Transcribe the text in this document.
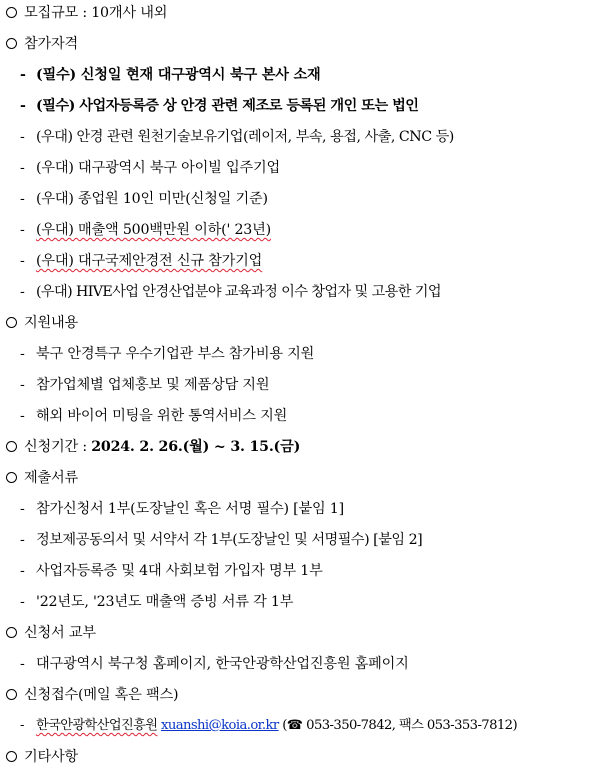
모집규모 : 10개사 내외
참가자격
- (필수) 신청일 현재 대구광역시 북구 본사 소재
- (필수) 사업자등록증 상 안경 관련 제조로 등록된 개인 또는 법인
- (우대) 안경 관련 원천기술보유기업(레이저, 부속, 용접, 사출, CNC 등)
- (우대) 대구광역시 북구 아이빌 입주기업
- (우대) 종업원 10인 미만(신청일 기준)
- (우대) 매출액 500백만원 이하(' 23년)
- (우대) 대구국제안경전 신규 참가기업
- (우대) HIVE사업 안경산업분야 교육과정 이수 창업자 및 고용한 기업
지원내용
- 북구 안경특구 우수기업관 부스 참가비용 지원
- 참가업체별 업체홍보 및 제품상담 지원
- 해외 바이어 미팅을 위한 통역서비스 지원
신청기간 : 2024. 2. 26.(월) ~ 3. 15.(금)
제출서류
- 참가신청서 1부(도장날인 혹은 서명 필수) [붙임 1]
- 정보제공동의서 및 서약서 각 1부(도장날인 및 서명필수) [붙임 2]
- 사업자등록증 및 4대 사회보험 가입자 명부 1부
- '22년도, '23년도 매출액 증빙 서류 각 1부
신청서 교부
- 대구광역시 북구청 홈페이지, 한국안광학산업진흥원 홈페이지
신청접수(메일 혹은 팩스)
- 한국안광학산업진흥원 xuanshi@koia.or.kr (☎ 053-350-7842, 팩스 053-353-7812)
기타사항
